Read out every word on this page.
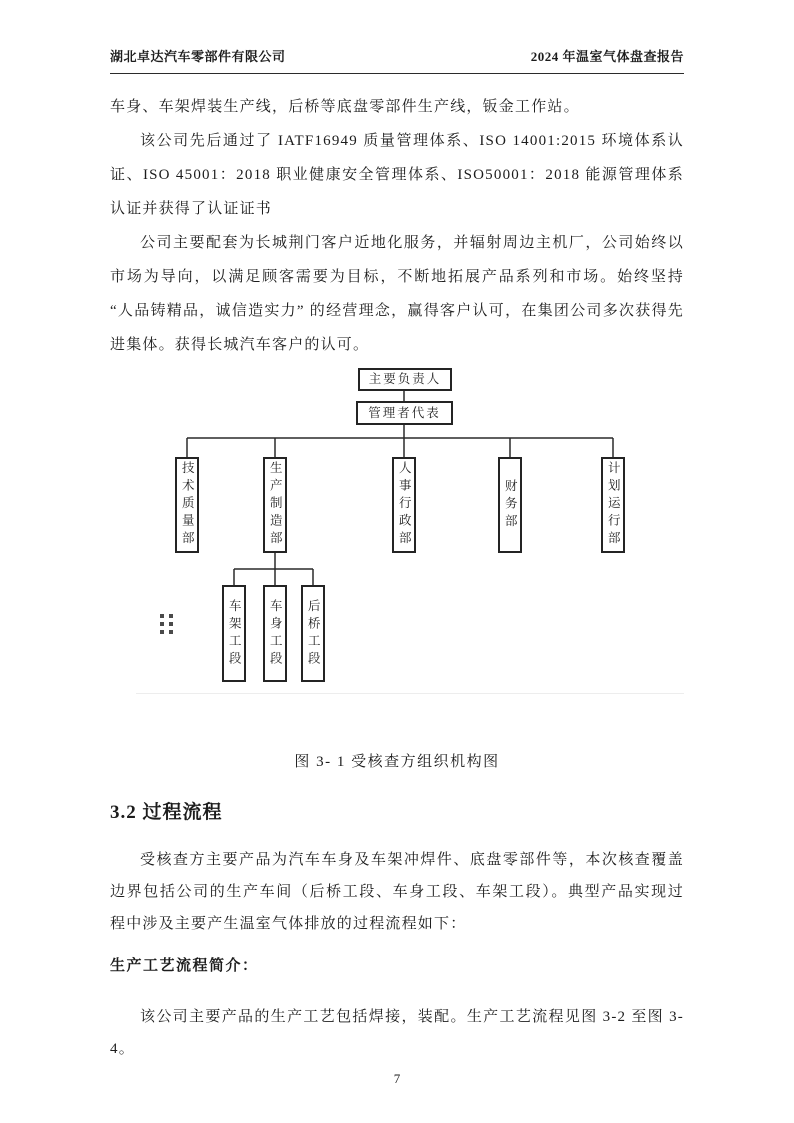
湖北卓达汽车零部件有限公司	2024 年温室气体盘查报告

车身、车架焊装生产线，后桥等底盘零部件生产线，钣金工作站。

该公司先后通过了 IATF16949 质量管理体系、ISO 14001:2015 环境体系认证、ISO 45001：2018 职业健康安全管理体系、ISO50001：2018 能源管理体系认证并获得了认证证书

公司主要配套为长城荆门客户近地化服务，并辐射周边主机厂，公司始终以市场为导向，以满足顾客需要为目标，不断地拓展产品系列和市场。始终坚持“人品铸精品，诚信造实力” 的经营理念，赢得客户认可，在集团公司多次获得先进集体。获得长城汽车客户的认可。

主要负责人
管理者代表
技术质量部	生产制造部	人事行政部	财务部	计划运行部
车架工段	车身工段	后桥工段
图 3- 1 受核查方组织机构图
3.2 过程流程

受核查方主要产品为汽车车身及车架冲焊件、底盘零部件等，本次核查覆盖边界包括公司的生产车间（后桥工段、车身工段、车架工段）。典型产品实现过程中涉及主要产生温室气体排放的过程流程如下：

生产工艺流程简介：

该公司主要产品的生产工艺包括焊接，装配。生产工艺流程见图 3-2 至图 3-4。

7
